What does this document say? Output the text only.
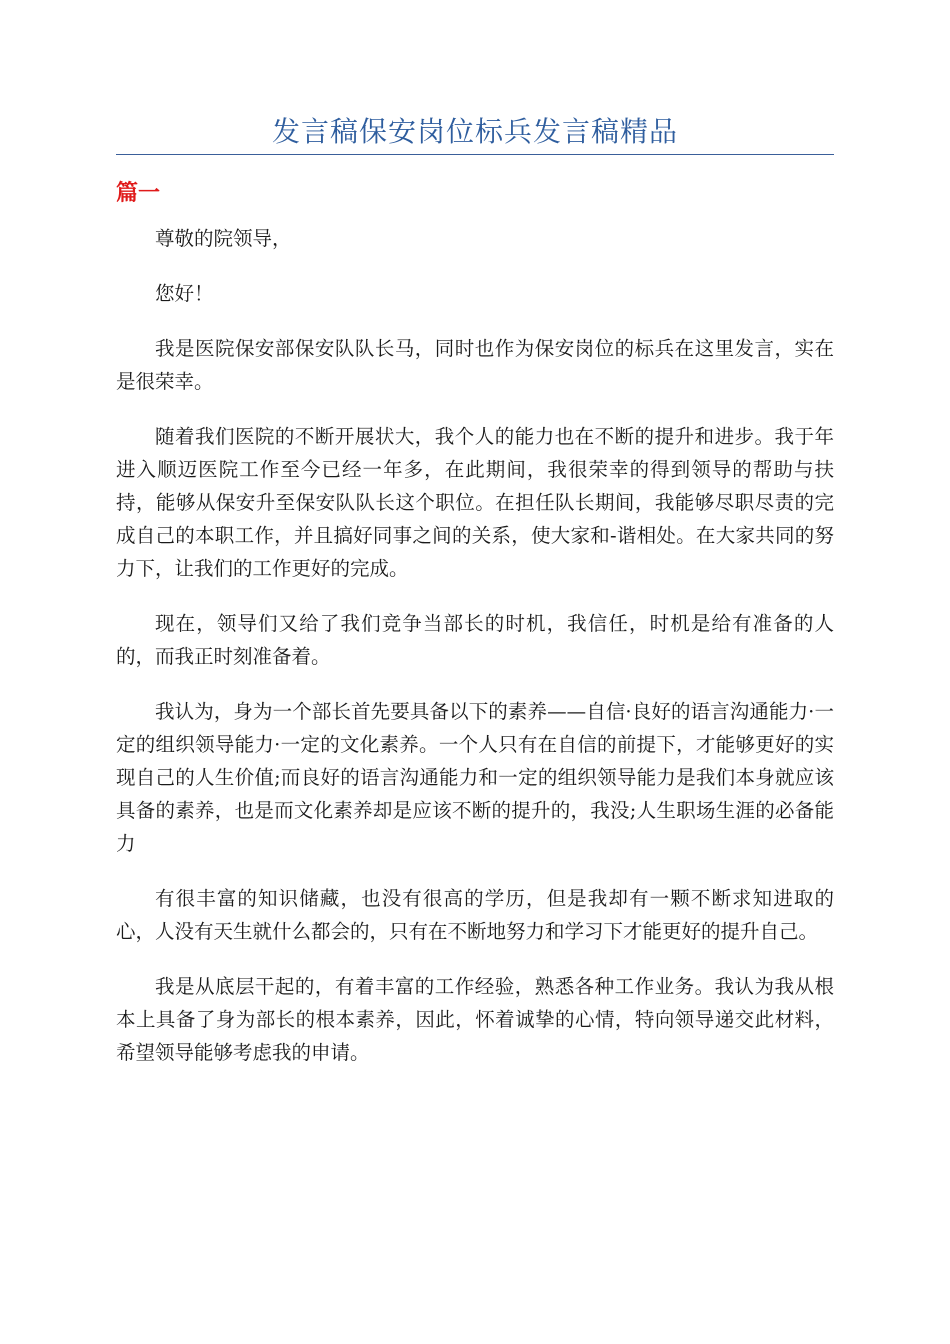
发言稿保安岗位标兵发言稿精品
篇一

尊敬的院领导，

您好！

我是医院保安部保安队队长马，同时也作为保安岗位的标兵在这里发言，实在是很荣幸。

随着我们医院的不断开展状大，我个人的能力也在不断的提升和进步。我于年进入顺迈医院工作至今已经一年多，在此期间，我很荣幸的得到领导的帮助与扶持，能够从保安升至保安队队长这个职位。在担任队长期间，我能够尽职尽责的完成自己的本职工作，并且搞好同事之间的关系，使大家和-谐相处。在大家共同的努力下，让我们的工作更好的完成。

现在，领导们又给了我们竞争当部长的时机，我信任，时机是给有准备的人的，而我正时刻准备着。

我认为，身为一个部长首先要具备以下的素养——自信·良好的语言沟通能力·一定的组织领导能力·一定的文化素养。一个人只有在自信的前提下，才能够更好的实现自己的人生价值;而良好的语言沟通能力和一定的组织领导能力是我们本身就应该具备的素养，也是而文化素养却是应该不断的提升的，我没;人生职场生涯的必备能力

有很丰富的知识储藏，也没有很高的学历，但是我却有一颗不断求知进取的心，人没有天生就什么都会的，只有在不断地努力和学习下才能更好的提升自己。

我是从底层干起的，有着丰富的工作经验，熟悉各种工作业务。我认为我从根本上具备了身为部长的根本素养，因此，怀着诚挚的心情，特向领导递交此材料，希望领导能够考虑我的申请。
